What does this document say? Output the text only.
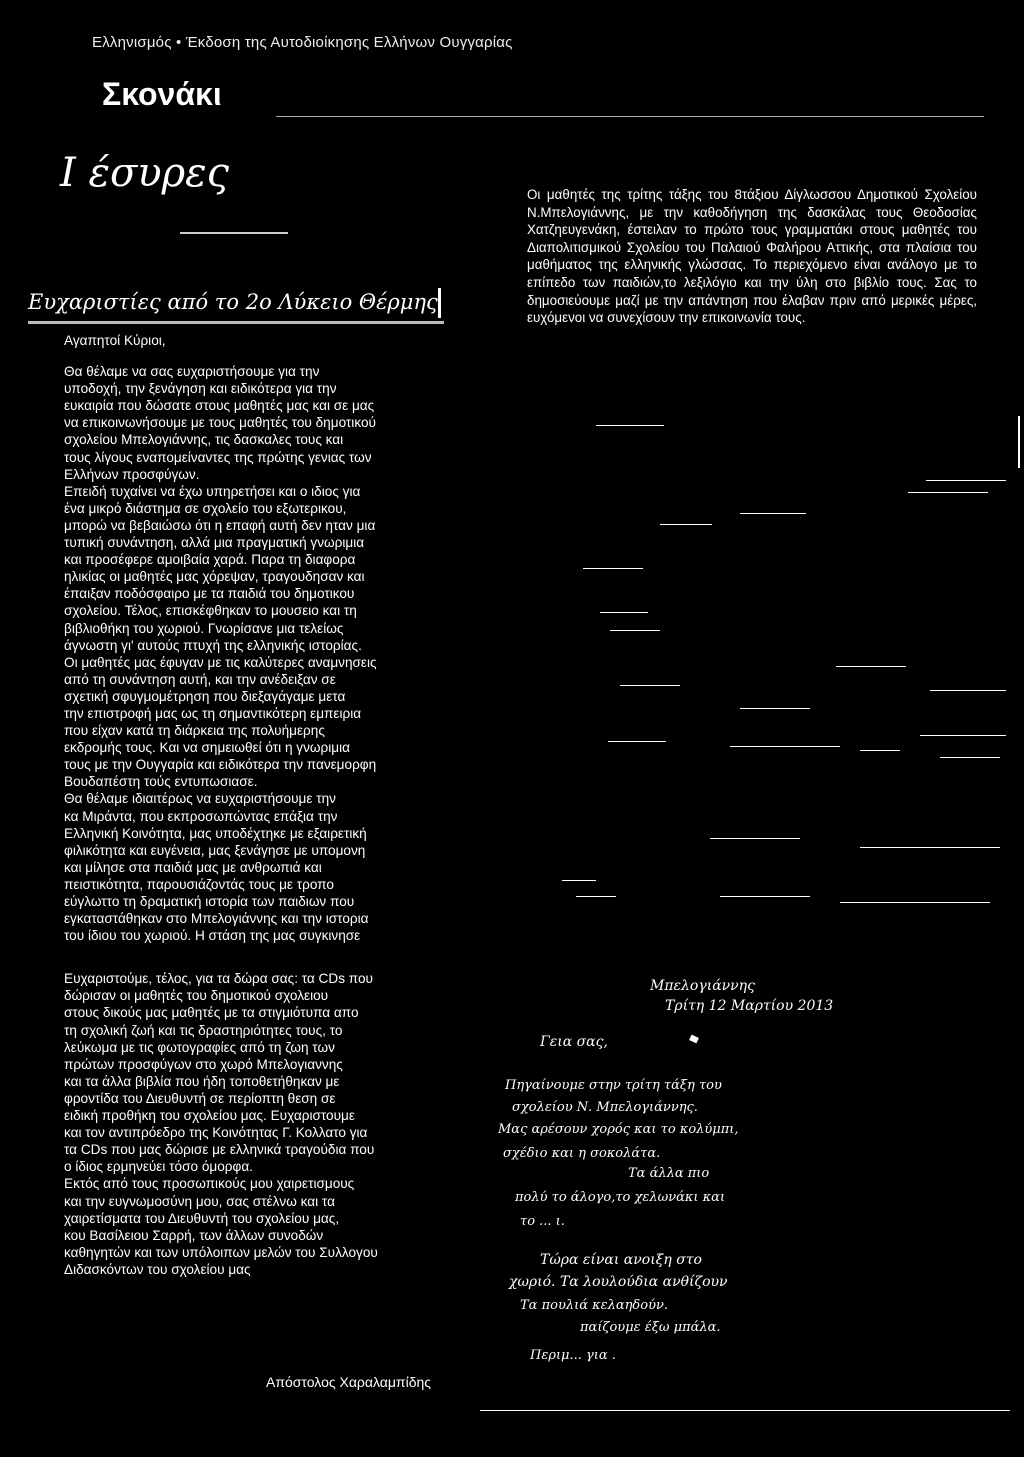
Ελληνισμός • Έκδοση της Αυτοδιοίκησης Ελλήνων Ουγγαρίας
Σκονάκι
Ι έσυρες
Ευχαριστίες από το 2ο Λύκειο Θέρμης

Αγαπητοί Κύριοι,

Θα θέλαμε να σας ευχαριστήσουμε για την

υποδοχή, την ξενάγηση και ειδικότερα για την

ευκαιρία που δώσατε στους μαθητές μας και σε μας

να επικοινωνήσουμε με τους μαθητές του δημοτικού

σχολείου Μπελογιάννης, τις δασκαλες τους και

τους λίγους εναπομείναντες της πρώτης γενιας των

Ελλήνων προσφύγων.

Επειδή τυχαίνει να έχω υπηρετήσει και ο ιδιος για

ένα μικρό διάστημα σε σχολείο του εξωτερικου,

μπορώ να βεβαιώσω ότι η επαφή αυτή δεν ηταν μια

τυπική συνάντηση, αλλά μια πραγματική γνωριμια

και προσέφερε αμοιβαία χαρά. Παρα τη διαφορα

ηλικίας οι μαθητές μας χόρεψαν, τραγουδησαν και

έπαιξαν ποδόσφαιρο με τα παιδιά του δημοτικου

σχολείου. Τέλος, επισκέφθηκαν το μουσειο και τη

βιβλιοθήκη του χωριού. Γνωρίσανε μια τελείως

άγνωστη γι' αυτούς πτυχή της ελληνικής ιστορίας.

Οι μαθητές μας έφυγαν με τις καλύτερες αναμνησεις

από τη συνάντηση αυτή, και την ανέδειξαν σε

σχετική σφυγμομέτρηση που διεξαγάγαμε μετα

την επιστροφή μας ως τη σημαντικότερη εμπειρια

που είχαν κατά τη διάρκεια της πολυήμερης

εκδρομής τους. Και να σημειωθεί ότι η γνωριμια

τους με την Ουγγαρία και ειδικότερα την πανεμορφη

Βουδαπέστη τούς εντυπωσιασε.

Θα θέλαμε ιδιαιτέρως να ευχαριστήσουμε την

κα Μιράντα, που εκπροσωπώντας επάξια την

Ελληνική Κοινότητα, μας υποδέχτηκε με εξαιρετική

φιλικότητα και ευγένεια, μας ξενάγησε με υπομονη

και μίλησε στα παιδιά μας με ανθρωπιά και

πειστικότητα, παρουσιάζοντάς τους με τροπο

εύγλωττο τη δραματική ιστορία των παιδιων που

εγκαταστάθηκαν στο Μπελογιάννης και την ιστορια

του ίδιου του χωριού. Η στάση της μας συγκινησε

Ευχαριστούμε, τέλος, για τα δώρα σας: τα CDs που

δώρισαν οι μαθητές του δημοτικού σχολειου

στους δικούς μας μαθητές με τα στιγμιότυπα απο

τη σχολική ζωή και τις δραστηριότητες τους, το

λεύκωμα με τις φωτογραφίες από τη ζωη των

πρώτων προσφύγων στο χωρό Μπελογιαννης

και τα άλλα βιβλία που ήδη τοποθετήθηκαν με

φροντίδα του Διευθυντή σε περίοπτη θεση σε

ειδική προθήκη του σχολείου μας. Ευχαριστουμε

και τον αντιπρόεδρο της Κοινότητας Γ. Κολλατο για

τα CDs που μας δώρισε με ελληνικά τραγούδια που

ο ίδιος ερμηνεύει τόσο όμορφα.

Εκτός από τους προσωπικούς μου χαιρετισμους

και την ευγνωμοσύνη μου, σας στέλνω και τα

χαιρετίσματα του Διευθυντή του σχολείου μας,

κου Βασίλειου Σαρρή, των άλλων συνοδών

καθηγητών και των υπόλοιπων μελών του Συλλογου

Διδασκόντων του σχολείου μας

Απόστολος Χαραλαμπίδης
Οι μαθητές της τρίτης τάξης του 8τάξιου Δίγλωσσου Δημοτικού Σχολείου Ν.Μπελογιάννης, με την καθοδήγηση της δασκάλας τους Θεοδοσίας Χατζηευγενάκη, έστειλαν το πρώτο τους γραμματάκι στους μαθητές του Διαπολιτισμικού Σχολείου του Παλαιού Φαλήρου Αττικής, στα πλαίσια του μαθήματος της ελληνικής γλώσσας. Το περιεχόμενο είναι ανάλογο με το επίπεδο των παιδιών,το λεξιλόγιο και την ύλη στο βιβλίο τους. Σας το δημοσιεύουμε μαζί με την απάντηση που έλαβαν πριν από μερικές μέρες, ευχόμενοι να συνεχίσουν την επικοινωνία τους.
Μπελογιάννης
Τρίτη 12 Μαρτίου 2013
Γεια σας,
Πηγαίνουμε στην τρίτη τάξη του
σχολείου Ν. Μπελογιάννης.
Μας αρέσουν χορός και το κολύμπι,
σχέδιο και η σοκολάτα.
Τα άλλα πιο
πολύ το άλογο,το χελωνάκι και
το ... ι.
Τώρα είναι ανοιξη στο
χωριό. Τα λουλούδια ανθίζουν
Τα πουλιά κελαηδούν.
παίζουμε έξω μπάλα.
Περιμ... για .
